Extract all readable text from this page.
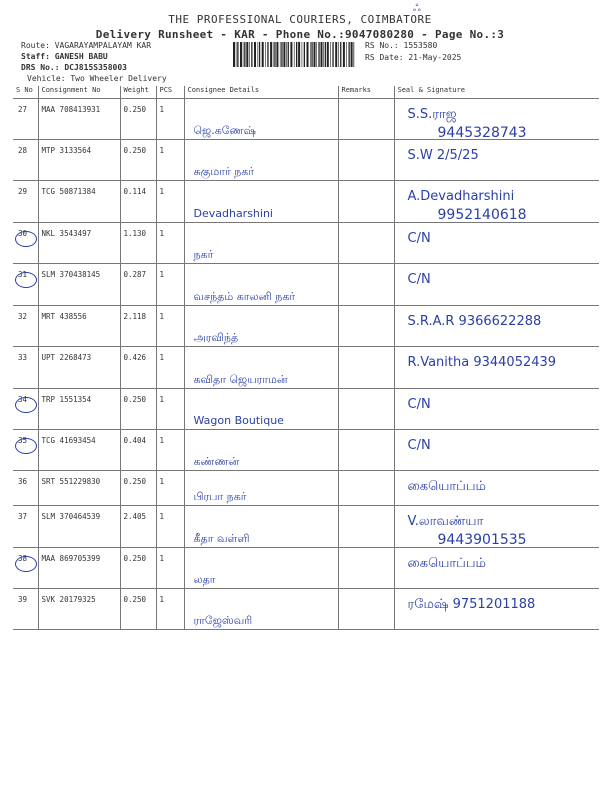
THE PROFESSIONAL COURIERS, COIMBATORE
Delivery Runsheet - KAR - Phone No.:9047080280 - Page No.:3
Route: VAGARAYAMPALAYAM KAR
Staff: GANESH BABU
DRS No.: DCJ815S358003
Vehicle: Two Wheeler Delivery
RS No.: 1553580
RS Date: 21-May-2025
ஃ
S No	Consignment No	Weight	PCS	Consignee Details	Remarks	Seal & Signature

27	MAA 708413931	0.250	1	ஜெ.கணேஷ்		S.S.ராஜ
9445328743

28	MTP 3133564	0.250	1	சுகுமார் நகர்		S.W 2/5/25

29	TCG 50871384	0.114	1	Devadharshini		A.Devadharshini
9952140618

30	NKL 3543497	1.130	1	நகர்		C/N

31	SLM 370438145	0.287	1	வசந்தம் காலனி நகர்		C/N

32	MRT 438556	2.118	1	அரவிந்த்		S.R.A.R 9366622288

33	UPT 2268473	0.426	1	கவிதா ஜெயராமன்		R.Vanitha 9344052439

34	TRP 1551354	0.250	1	Wagon Boutique		C/N

35	TCG 41693454	0.404	1	கண்ணன்		C/N

36	SRT 551229830	0.250	1	பிரபா நகர்		கையொப்பம்

37	SLM 370464539	2.405	1	கீதா வள்ளி		V.லாவண்யா
9443901535

38	MAA 869705399	0.250	1	லதா		கையொப்பம்

39	SVK 20179325	0.250	1	ராஜேஸ்வரி		ரமேஷ் 9751201188
